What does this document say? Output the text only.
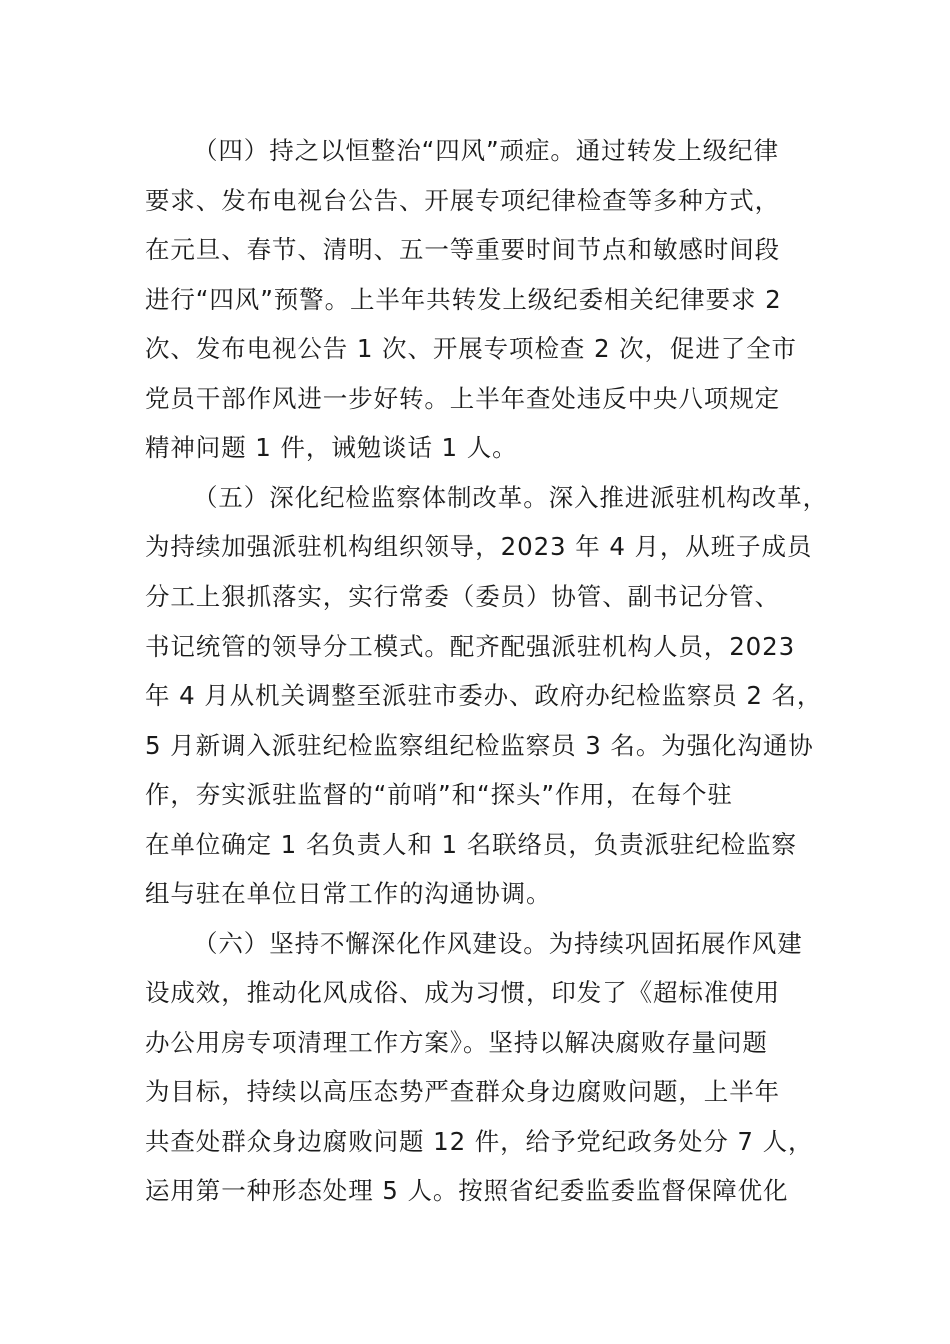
（四）持之以恒整治“四风”顽症。通过转发上级纪律
要求、发布电视台公告、开展专项纪律检查等多种方式，
在元旦、春节、清明、五一等重要时间节点和敏感时间段
进行“四风”预警。上半年共转发上级纪委相关纪律要求 2
次、发布电视公告 1 次、开展专项检查 2 次，促进了全市
党员干部作风进一步好转。上半年查处违反中央八项规定
精神问题 1 件，诫勉谈话 1 人。
（五）深化纪检监察体制改革。深入推进派驻机构改革，
为持续加强派驻机构组织领导，2023 年 4 月，从班子成员
分工上狠抓落实，实行常委（委员）协管、副书记分管、
书记统管的领导分工模式。配齐配强派驻机构人员，2023
年 4 月从机关调整至派驻市委办、政府办纪检监察员 2 名，
5 月新调入派驻纪检监察组纪检监察员 3 名。为强化沟通协
作，夯实派驻监督的“前哨”和“探头”作用，在每个驻
在单位确定 1 名负责人和 1 名联络员，负责派驻纪检监察
组与驻在单位日常工作的沟通协调。
（六）坚持不懈深化作风建设。为持续巩固拓展作风建
设成效，推动化风成俗、成为习惯，印发了《超标准使用
办公用房专项清理工作方案》。坚持以解决腐败存量问题
为目标，持续以高压态势严查群众身边腐败问题，上半年
共查处群众身边腐败问题 12 件，给予党纪政务处分 7 人，
运用第一种形态处理 5 人。按照省纪委监委监督保障优化
